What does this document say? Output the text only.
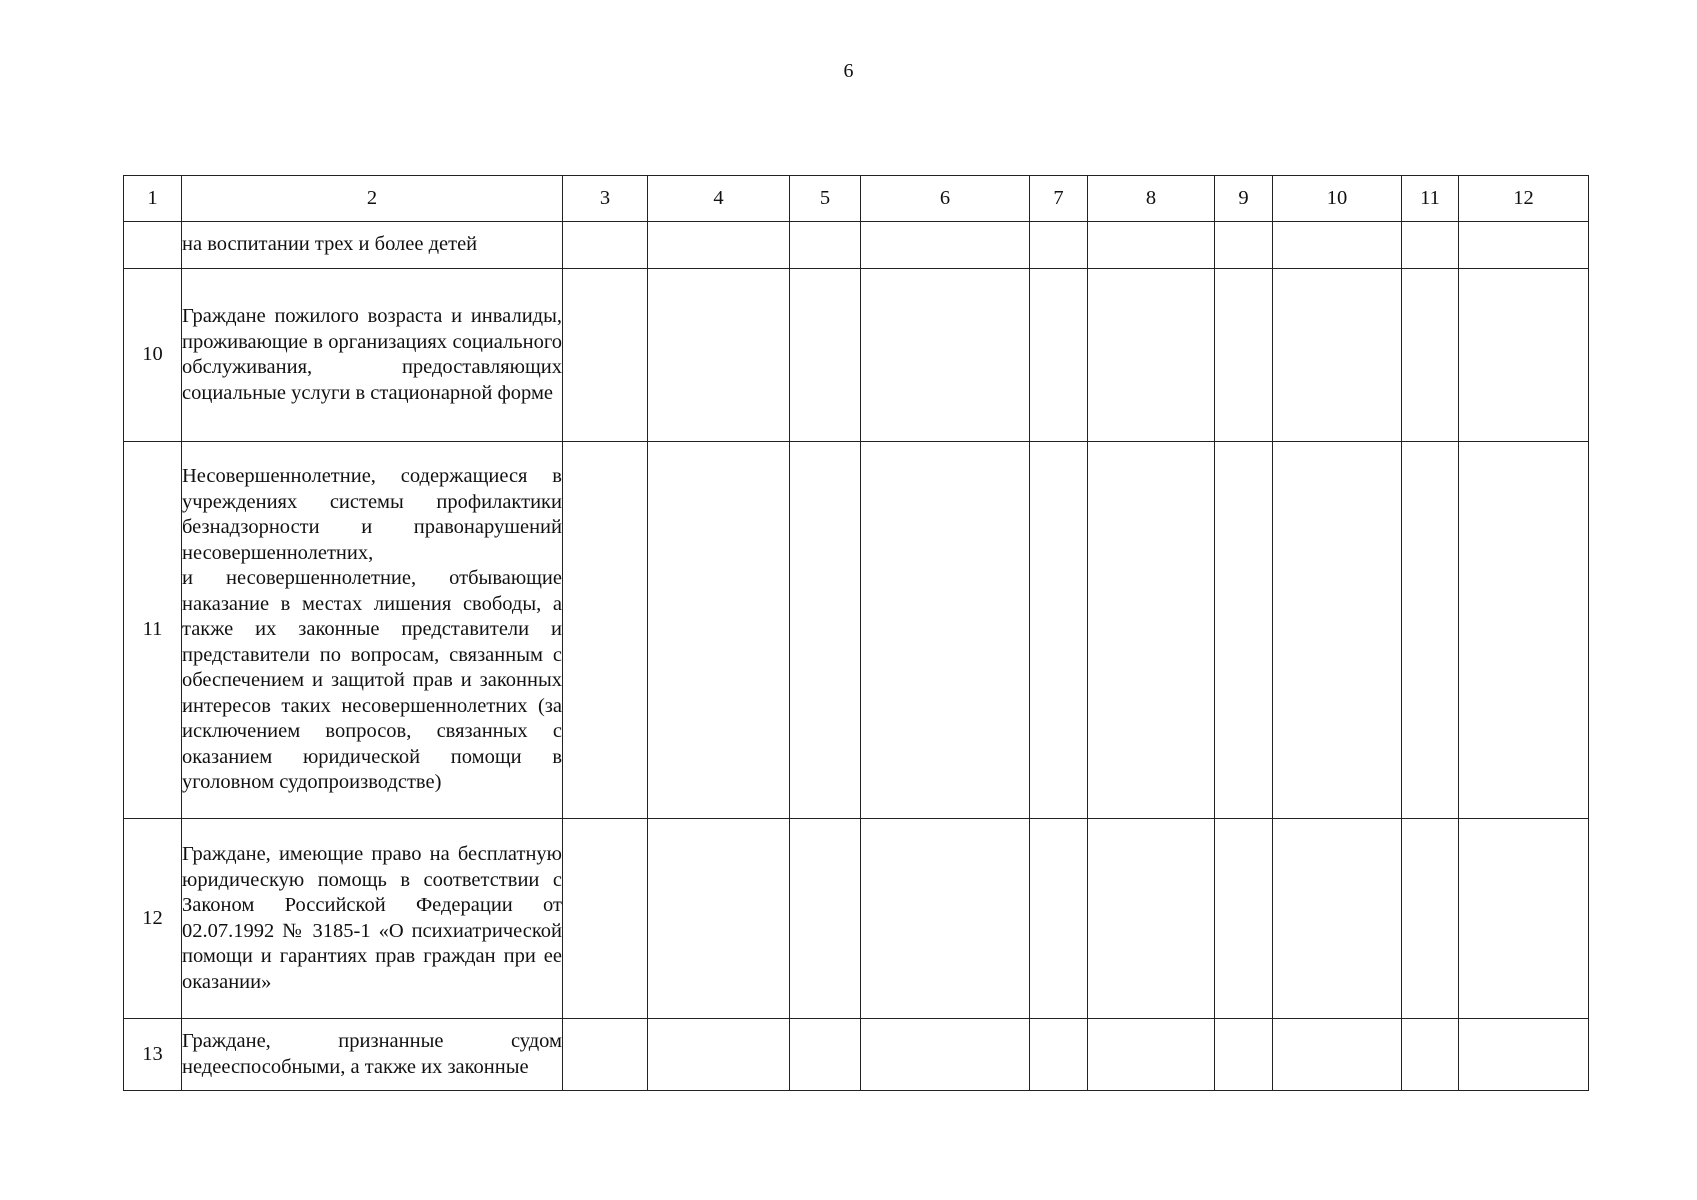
6
1	2	3	4	5	6	7	8	9	10	11	12
	на воспитании трех и более детей										
10	Граждане пожилого возраста и инвалиды, проживающие в организациях социального обслуживания, предоставляющих социальные услуги в стационарной форме										
11	Несовершеннолетние, содержащиеся в учреждениях системы профилактики безнадзорности и правонарушений несовершеннолетних,
и несовершеннолетние, отбывающие наказание в местах лишения свободы, а также их законные представители и представители по вопросам, связанным с обеспечением и защитой прав и законных интересов таких несовершеннолетних (за исключением вопросов, связанных с оказанием юридической помощи в уголовном судопроизводстве)										

12	Граждане, имеющие право на бесплатную юридическую помощь в соответствии с Законом Российской Федерации от 02.07.1992 № 3185-1 «О психиатрической помощи и гарантиях прав граждан при ее оказании»										
13	Граждане, признанные судом недееспособными, а также их законные										
